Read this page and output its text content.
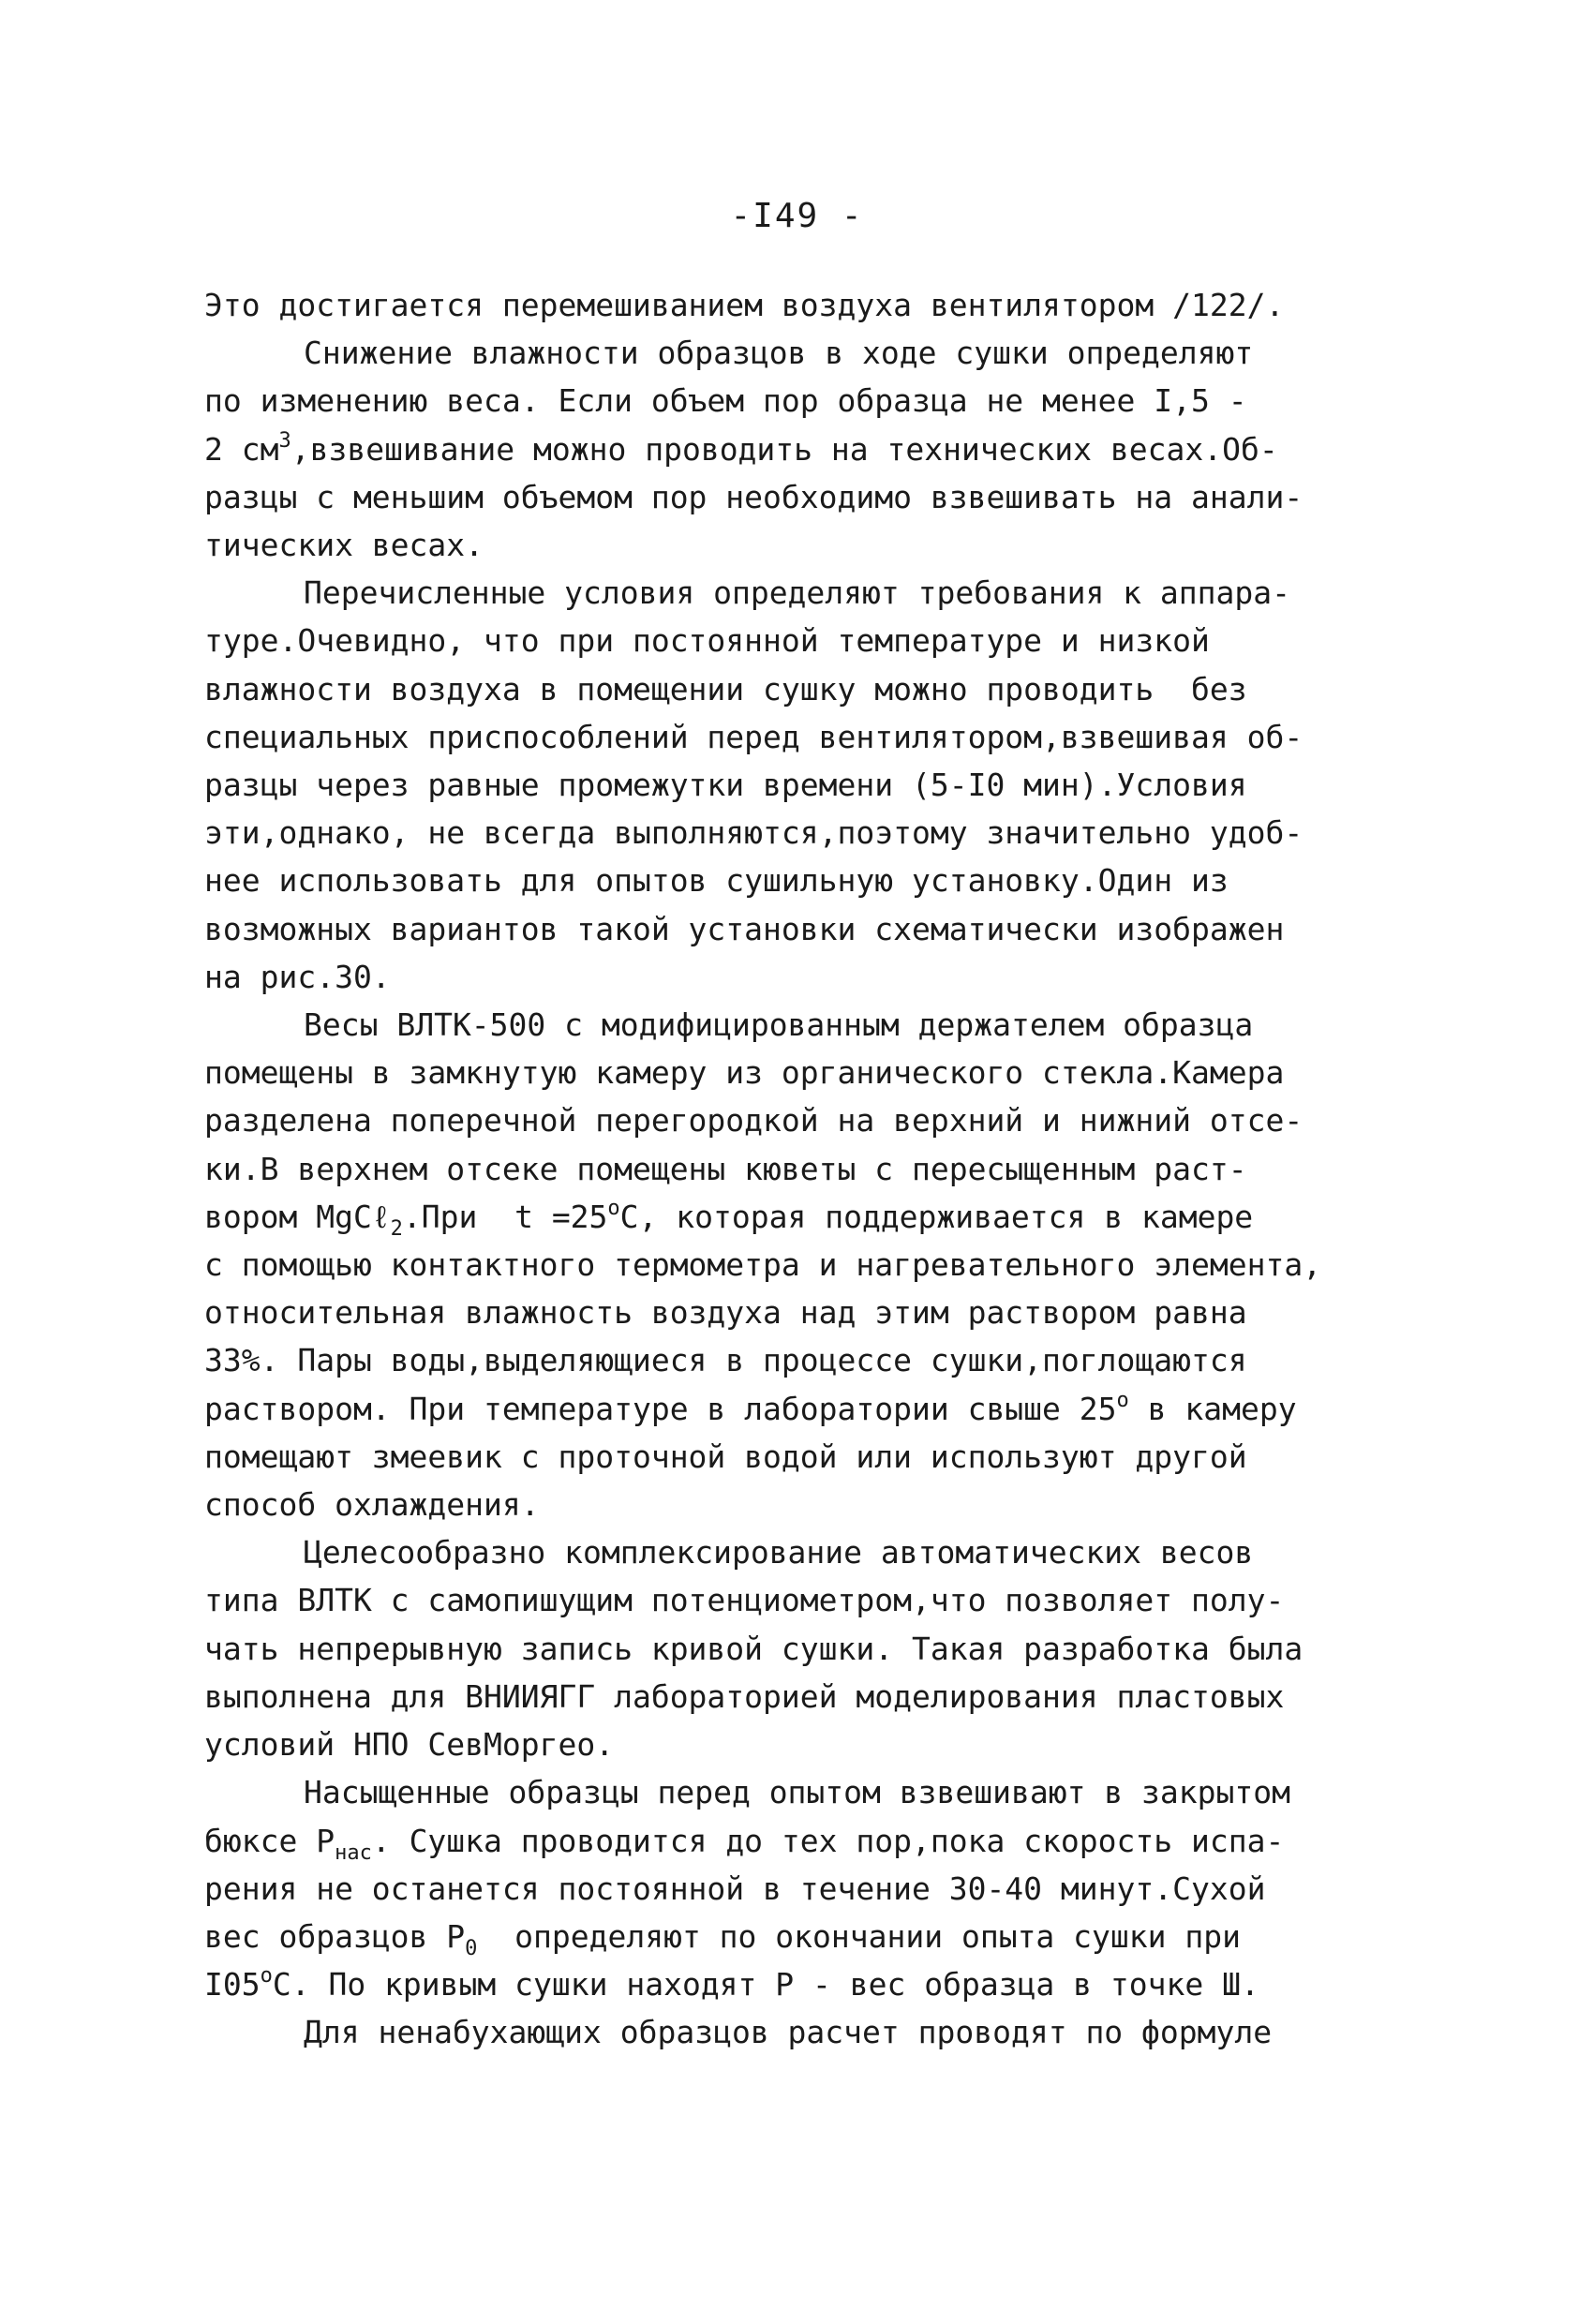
-I49 -
Это достигается перемешиванием воздуха вентилятором /122/.
Снижение влажности образцов в ходе сушки определяют
по изменению веса. Если объем пор образца не менее I,5 -
2 $см^3,взвешивание$ можно проводить на технических весах.Об-
разцы с меньшим объемом пор необходимо взвешивать на анали-
тических весах.
Перечисленные условия определяют требования к аппара-
туре.Очевидно, что при постоянной температуре и низкой
влажности воздуха в помещении сушку можно проводить  без
специальных приспособлений перед вентилятором,взвешивая об-
разцы через равные промежутки времени (5-I0 мин).Условия
эти,однако, не всегда выполняются,поэтому значительно удоб-
нее использовать для опытов сушильную установку.Один из
возможных вариантов такой установки схематически изображен
на рис.30.
Весы ВЛТК-500 с модифицированным держателем образца
помещены в замкнутую камеру из органического стекла.Камера
разделена поперечной перегородкой на верхний и нижний отсе-
ки.В верхнем отсеке помещены кюветы с пересыщенным раст-
вором MgCℓ$_2$.При  $t =25^оС$, которая поддерживается в камере
с помощью контактного термометра и нагревательного элемента,
относительная влажность воздуха над этим раствором равна
33%. Пары воды,выделяющиеся в процессе сушки,поглощаются
раствором. При температуре в лаборатории свыше $25^о$ в камеру
помещают змеевик с проточной водой или используют другой
способ охлаждения.
Целесообразно комплексирование автоматических весов
типа ВЛТК с самопишущим потенциометром,что позволяет полу-
чать непрерывную запись кривой сушки. Такая разработка была
выполнена для ВНИИЯГГ лабораторией моделирования пластовых
условий НПО СевМоргео.
Насыщенные образцы перед опытом взвешивают в закрытом
бюксе $P_{нас}$. Сушка проводится до тех пор,пока скорость испа-
рения не останется постоянной в течение 30-40 минут.Сухой
вес образцов $P_0$  определяют по окончании опыта сушки при
$I05^оС$. По кривым сушки находят P - вес образца в точке Ш.
Для ненабухающих образцов расчет проводят по формуле
